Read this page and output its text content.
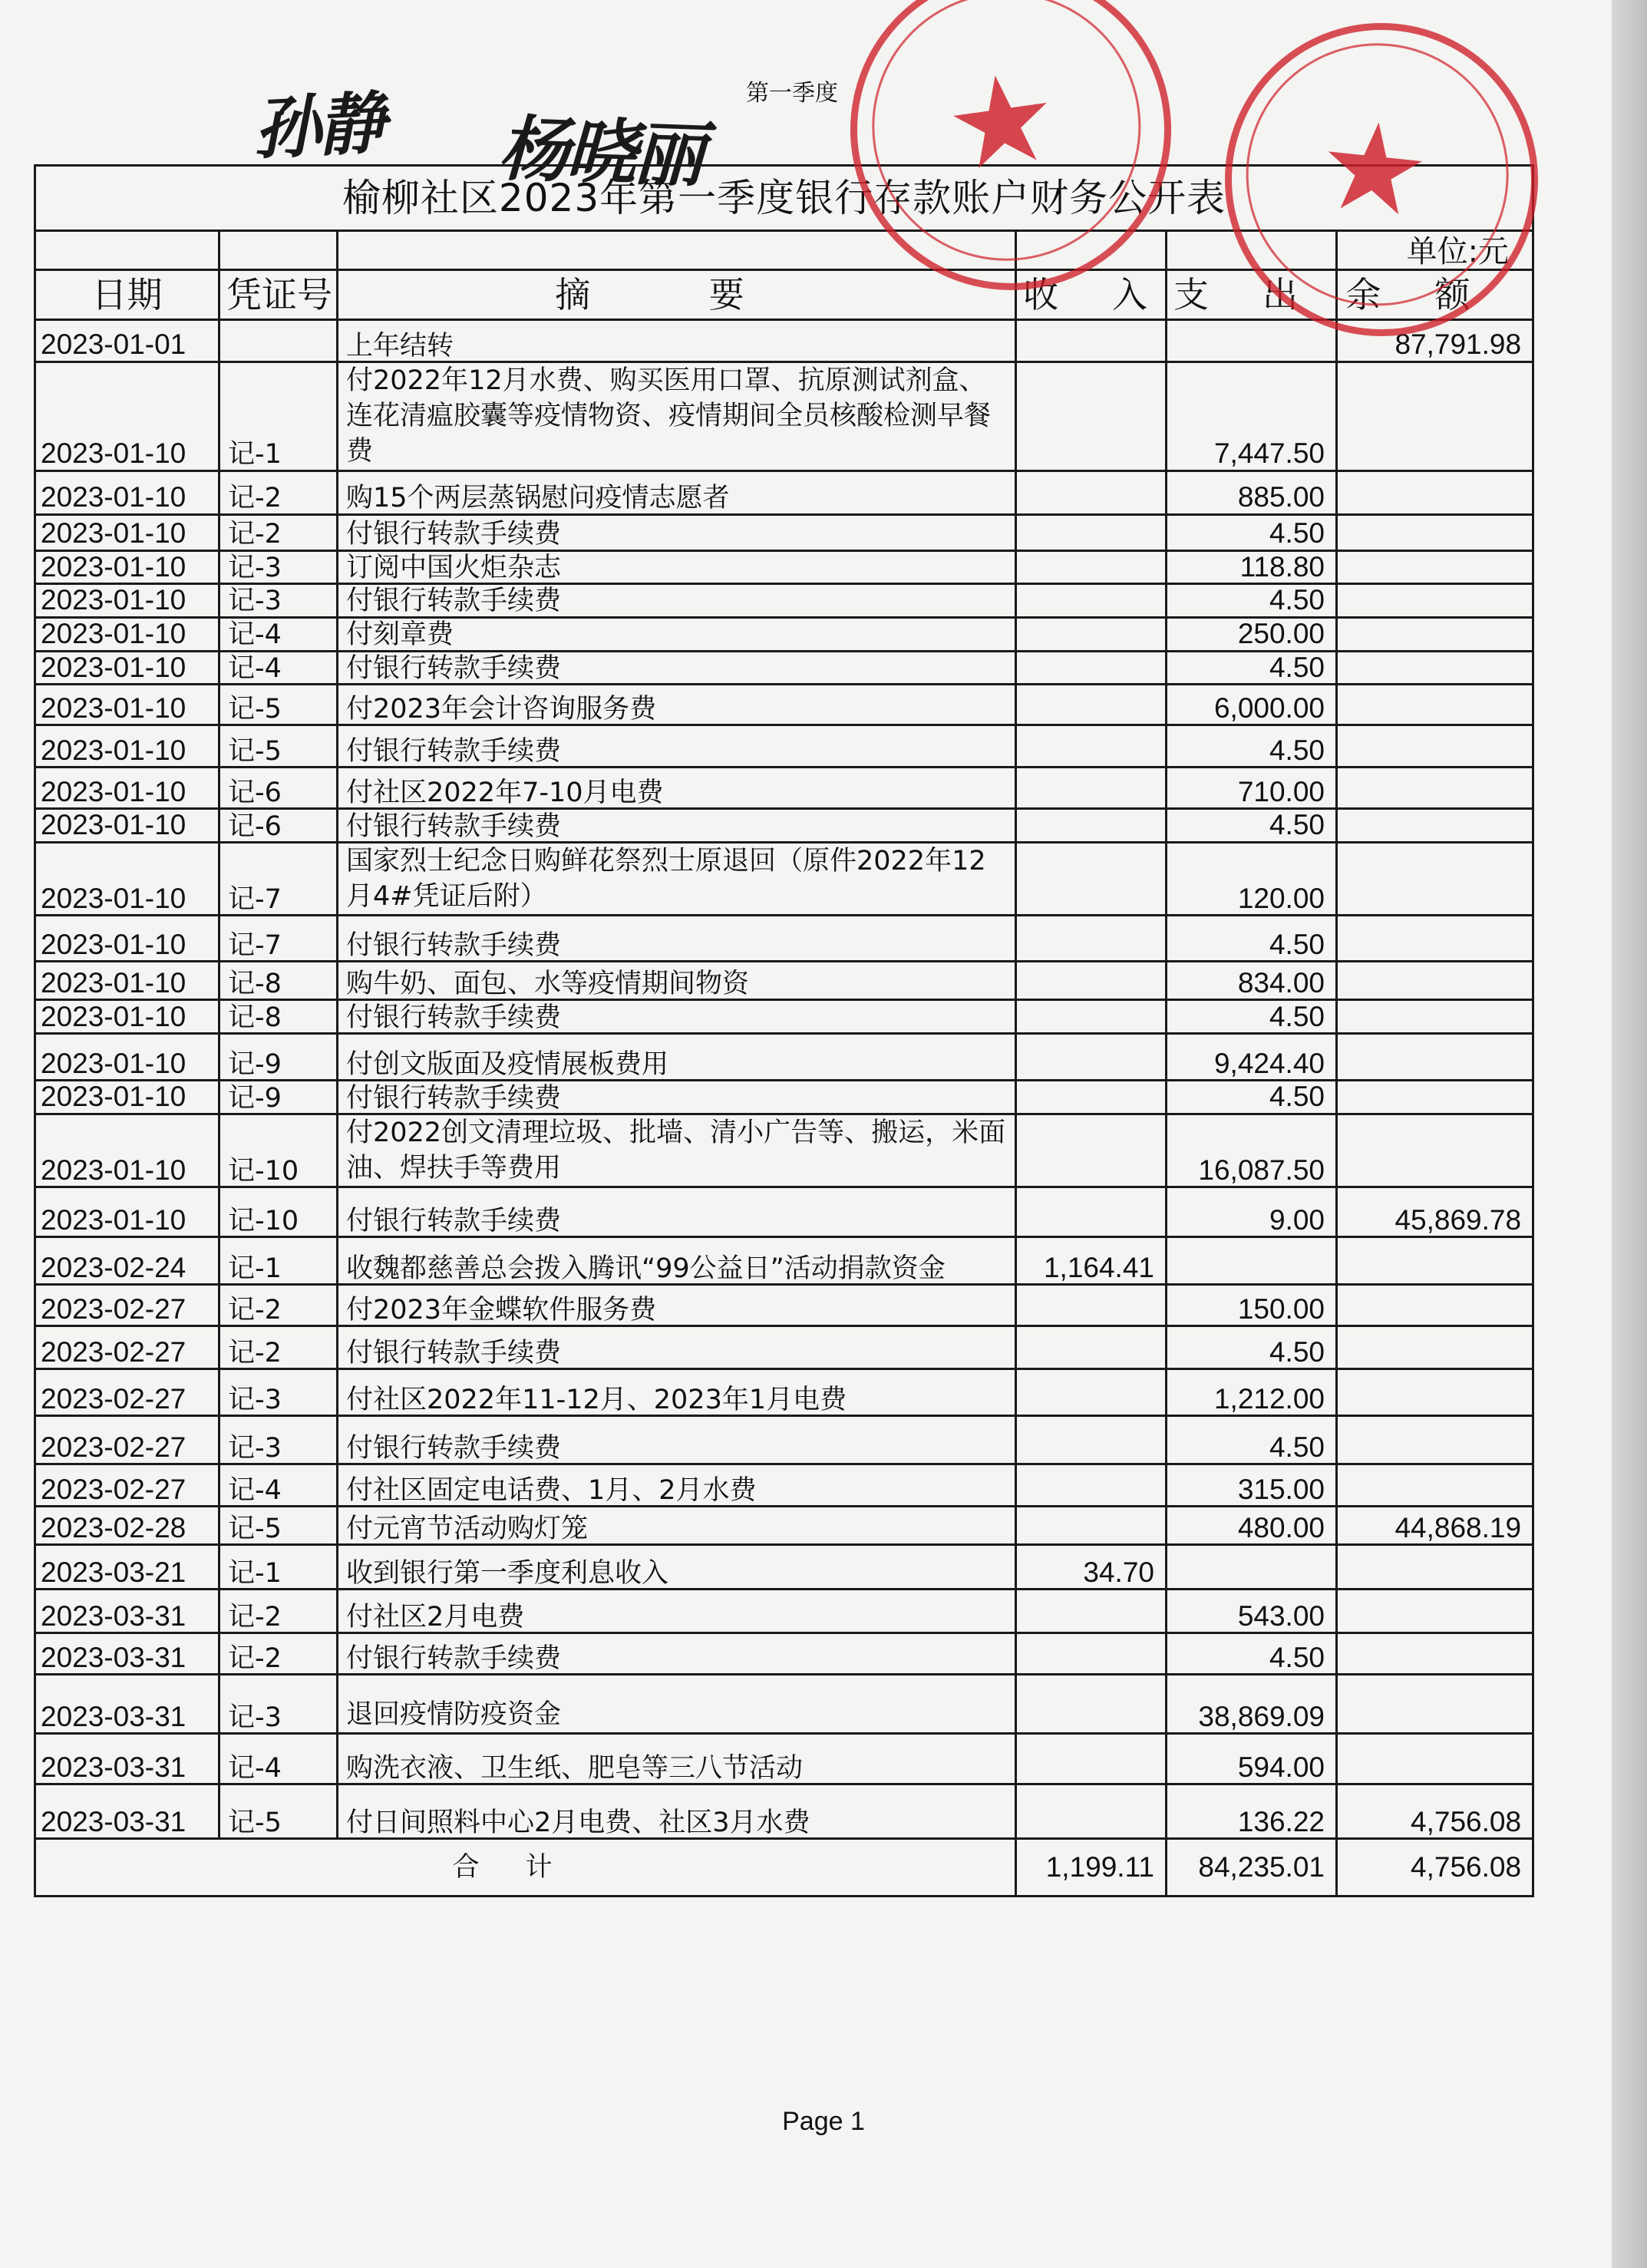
孙静 杨晓丽
第一季度
榆柳社区2023年第一季度银行存款账户财务公开表					
					单位:元
日期	凭证号	摘 要	收入	支出	余额
2023-01-01		上年结转			87,791.98
2023-01-10	记-1	付2022年12月水费、购买医用口罩、抗原测试剂盒、连花清瘟胶囊等疫情物资、疫情期间全员核酸检测早餐费		7,447.50	
2023-01-10	记-2	购15个两层蒸锅慰问疫情志愿者		885.00	
2023-01-10	记-2	付银行转款手续费		4.50	
2023-01-10	记-3	订阅中国火炬杂志		118.80	
2023-01-10	记-3	付银行转款手续费		4.50	
2023-01-10	记-4	付刻章费		250.00	
2023-01-10	记-4	付银行转款手续费		4.50	
2023-01-10	记-5	付2023年会计咨询服务费		6,000.00	
2023-01-10	记-5	付银行转款手续费		4.50	
2023-01-10	记-6	付社区2022年7-10月电费		710.00	
2023-01-10	记-6	付银行转款手续费		4.50	
2023-01-10	记-7	国家烈士纪念日购鲜花祭烈士原退回（原件2022年12月4#凭证后附）		120.00	
2023-01-10	记-7	付银行转款手续费		4.50	
2023-01-10	记-8	购牛奶、面包、水等疫情期间物资		834.00	
2023-01-10	记-8	付银行转款手续费		4.50	
2023-01-10	记-9	付创文版面及疫情展板费用		9,424.40	
2023-01-10	记-9	付银行转款手续费		4.50	
2023-01-10	记-10	付2022创文清理垃圾、批墙、清小广告等、搬运，米面油、焊扶手等费用		16,087.50	
2023-01-10	记-10	付银行转款手续费		9.00	45,869.78
2023-02-24	记-1	收魏都慈善总会拨入腾讯“99公益日”活动捐款资金	1,164.41		
2023-02-27	记-2	付2023年金蝶软件服务费		150.00	
2023-02-27	记-2	付银行转款手续费		4.50	
2023-02-27	记-3	付社区2022年11-12月、2023年1月电费		1,212.00	
2023-02-27	记-3	付银行转款手续费		4.50	
2023-02-27	记-4	付社区固定电话费、1月、2月水费		315.00	
2023-02-28	记-5	付元宵节活动购灯笼		480.00	44,868.19
2023-03-21	记-1	收到银行第一季度利息收入	34.70		
2023-03-31	记-2	付社区2月电费		543.00	
2023-03-31	记-2	付银行转款手续费		4.50	
2023-03-31	记-3	退回疫情防疫资金		38,869.09	
2023-03-31	记-4	购洗衣液、卫生纸、肥皂等三八节活动		594.00	
2023-03-31	记-5	付日间照料中心2月电费、社区3月水费		136.22	4,756.08
合计			1,199.11	84,235.01	4,756.08
★ ★
Page 1
